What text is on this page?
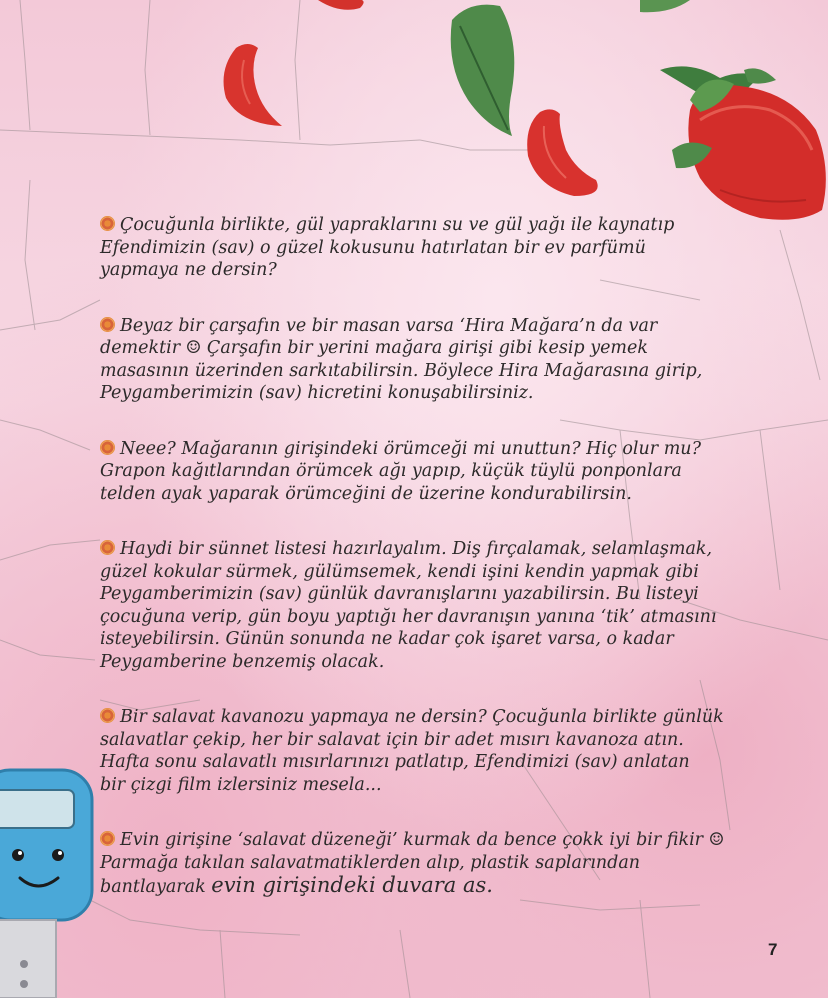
Çocuğunla birlikte, gül yapraklarını su ve gül yağı ile kaynatıp
Efendimizin (sav) o güzel kokusunu hatırlatan bir ev parfümü
yapmaya ne dersin?

Beyaz bir çarşafın ve bir masan varsa ‘Hira Mağara’n da var
demektir ☺ Çarşafın bir yerini mağara girişi gibi kesip yemek
masasının üzerinden sarkıtabilirsin. Böylece Hira Mağarasına girip,
Peygamberimizin (sav) hicretini konuşabilirsiniz.

Neee? Mağaranın girişindeki örümceği mi unuttun? Hiç olur mu?
Grapon kağıtlarından örümcek ağı yapıp, küçük tüylü ponponlara
telden ayak yaparak örümceğini de üzerine kondurabilirsin.

Haydi bir sünnet listesi hazırlayalım. Diş fırçalamak, selamlaşmak,
güzel kokular sürmek, gülümsemek, kendi işini kendin yapmak gibi
Peygamberimizin (sav) günlük davranışlarını yazabilirsin. Bu listeyi
çocuğuna verip, gün boyu yaptığı her davranışın yanına ‘tik’ atmasını
isteyebilirsin. Günün sonunda ne kadar çok işaret varsa, o kadar
Peygamberine benzemiş olacak.

Bir salavat kavanozu yapmaya ne dersin? Çocuğunla birlikte günlük
salavatlar çekip, her bir salavat için bir adet mısırı kavanoza atın.
Hafta sonu salavatlı mısırlarınızı patlatıp, Efendimizi (sav) anlatan
bir çizgi film izlersiniz mesela...

Evin girişine ‘salavat düzeneği’ kurmak da bence çokk iyi bir fikir ☺
Parmağa takılan salavatmatiklerden alıp, plastik saplarından
bantlayarak evin girişindeki duvara as.

7
